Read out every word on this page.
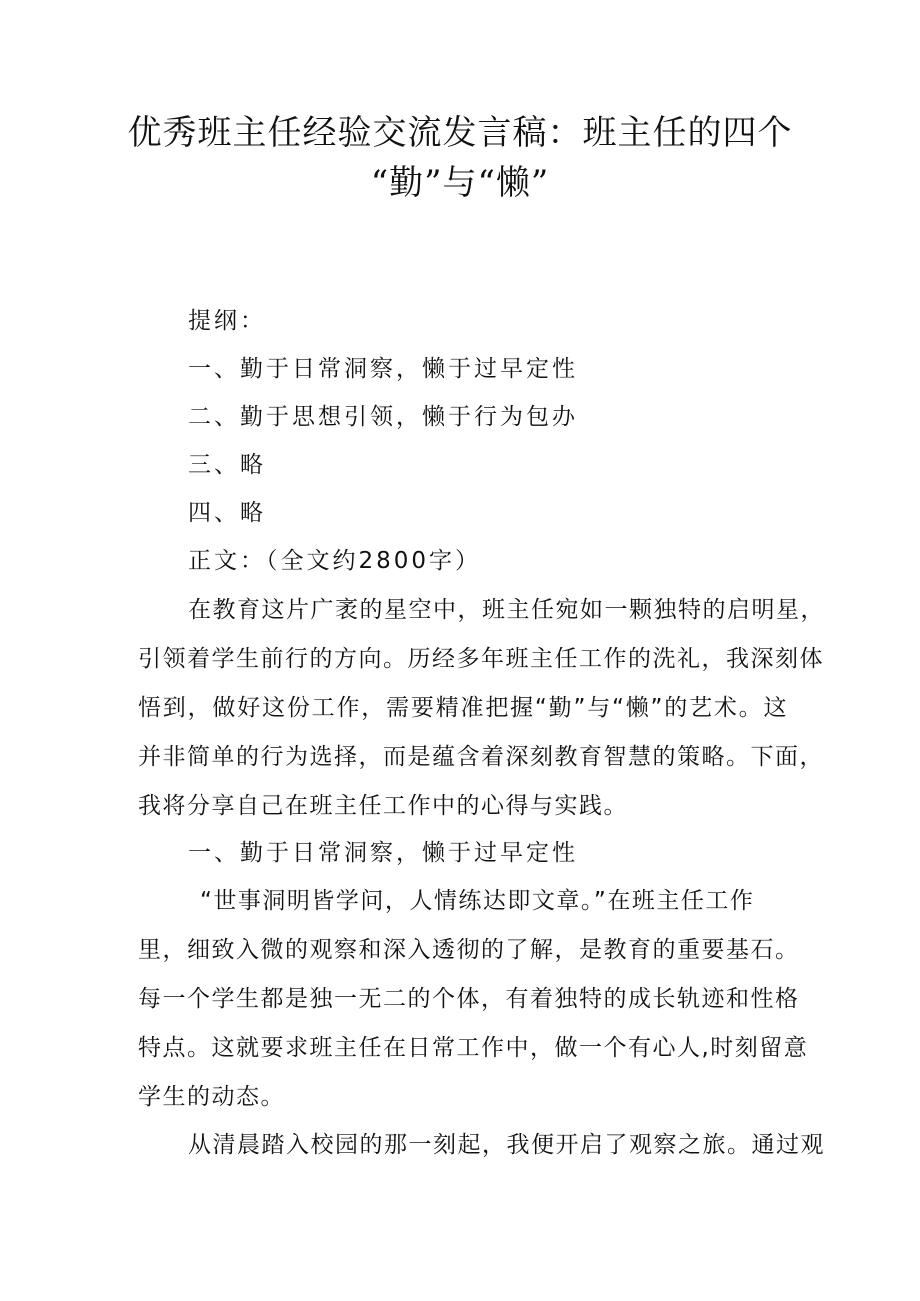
优秀班主任经验交流发言稿：班主任的四个
“勤”与“懒”
提纲：
一、勤于日常洞察，懒于过早定性
二、勤于思想引领，懒于行为包办
三、略
四、略
正文：（全文约2800字）
在教育这片广袤的星空中，班主任宛如一颗独特的启明星，
引领着学生前行的方向。历经多年班主任工作的洗礼，我深刻体
悟到，做好这份工作，需要精准把握“勤”与“懒”的艺术。这
并非简单的行为选择，而是蕴含着深刻教育智慧的策略。下面，
我将分享自己在班主任工作中的心得与实践。
一、勤于日常洞察，懒于过早定性
“世事洞明皆学问，人情练达即文章。”在班主任工作
里，细致入微的观察和深入透彻的了解，是教育的重要基石。
每一个学生都是独一无二的个体，有着独特的成长轨迹和性格
特点。这就要求班主任在日常工作中，做一个有心人,时刻留意
学生的动态。
从清晨踏入校园的那一刻起，我便开启了观察之旅。通过观
